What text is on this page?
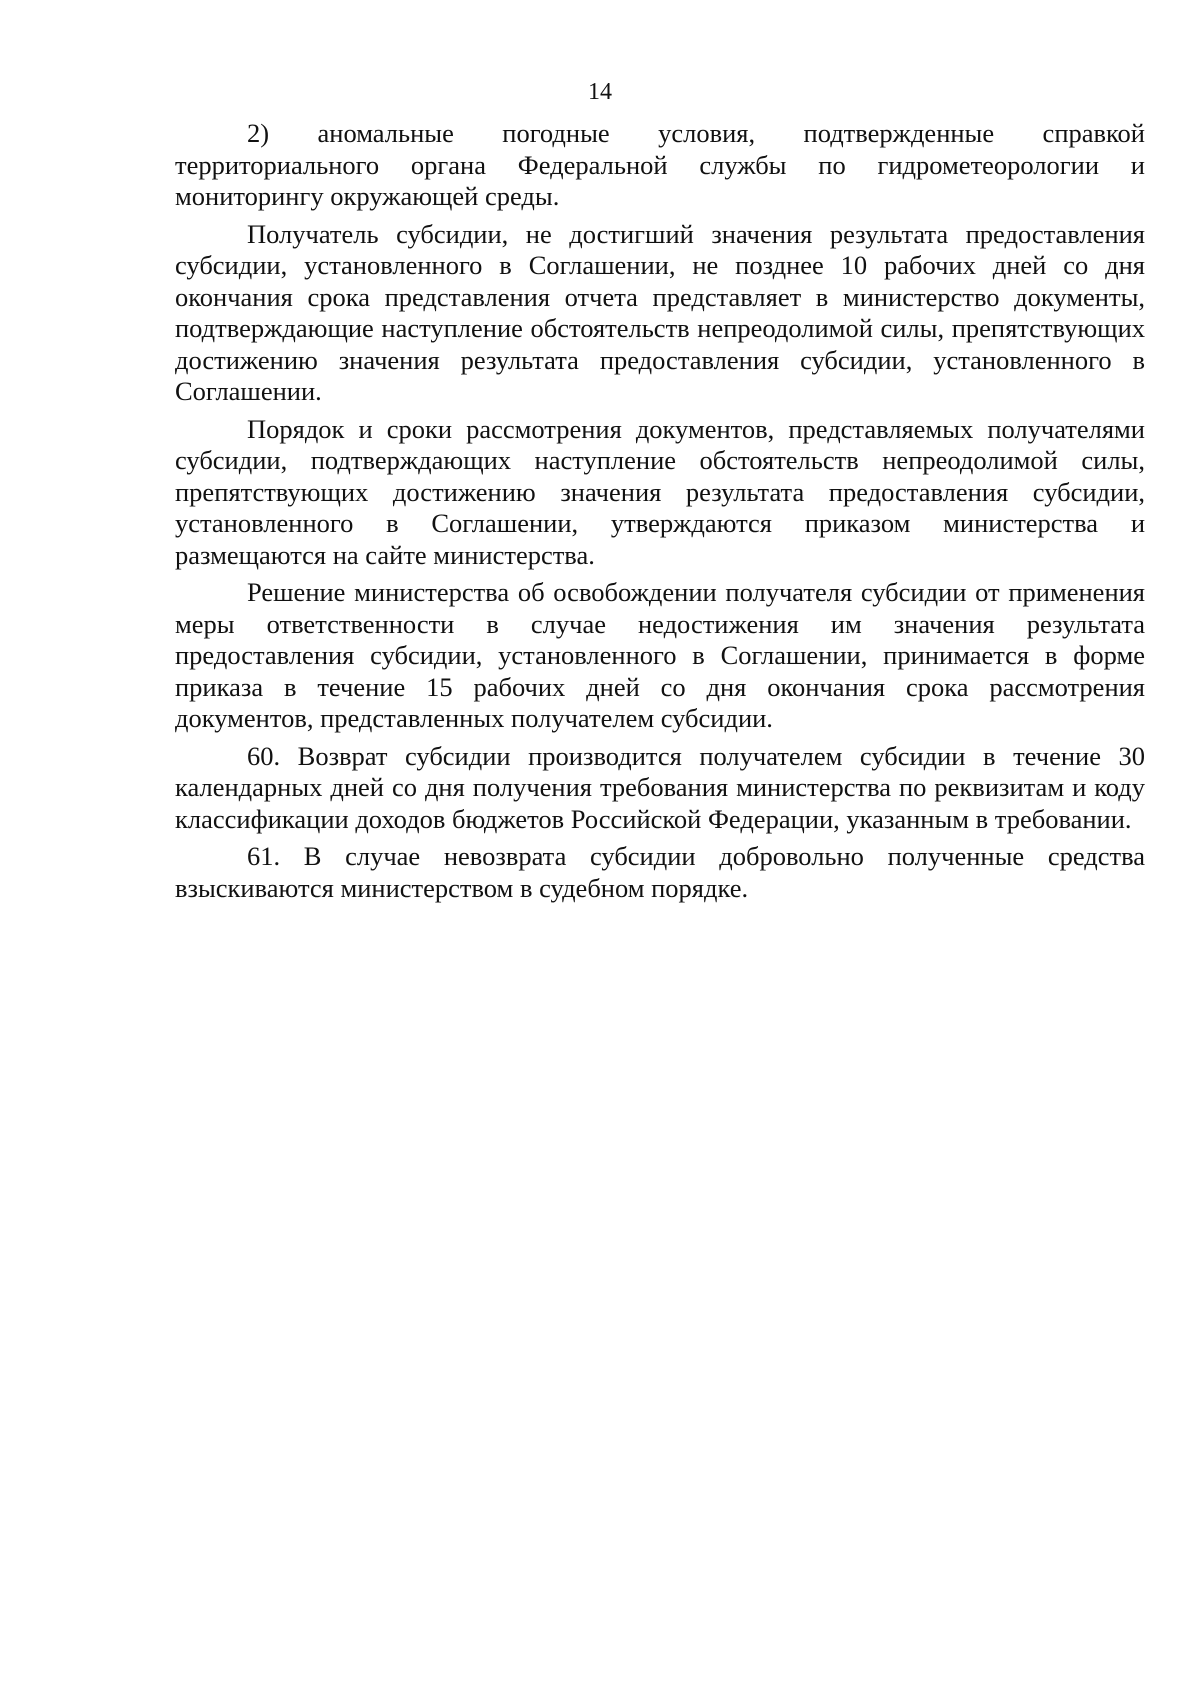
14

2) аномальные погодные условия, подтвержденные справкой территориального органа Федеральной службы по гидрометеорологии и мониторингу окружающей среды.

Получатель субсидии, не достигший значения результата предоставления субсидии, установленного в Соглашении, не позднее 10 рабочих дней со дня окончания срока представления отчета представляет в министерство документы, подтверждающие наступление обстоятельств непреодолимой силы, препятствующих достижению значения результата предоставления субсидии, установленного в Соглашении.

Порядок и сроки рассмотрения документов, представляемых получателями субсидии, подтверждающих наступление обстоятельств непреодолимой силы, препятствующих достижению значения результата предоставления субсидии, установленного в Соглашении, утверждаются приказом министерства и размещаются на сайте министерства.

Решение министерства об освобождении получателя субсидии от применения меры ответственности в случае недостижения им значения результата предоставления субсидии, установленного в Соглашении, принимается в форме приказа в течение 15 рабочих дней со дня окончания срока рассмотрения документов, представленных получателем субсидии.

60. Возврат субсидии производится получателем субсидии в течение 30 календарных дней со дня получения требования министерства по реквизитам и коду классификации доходов бюджетов Российской Федерации, указанным в требовании.

61. В случае невозврата субсидии добровольно полученные средства взыскиваются министерством в судебном порядке.
